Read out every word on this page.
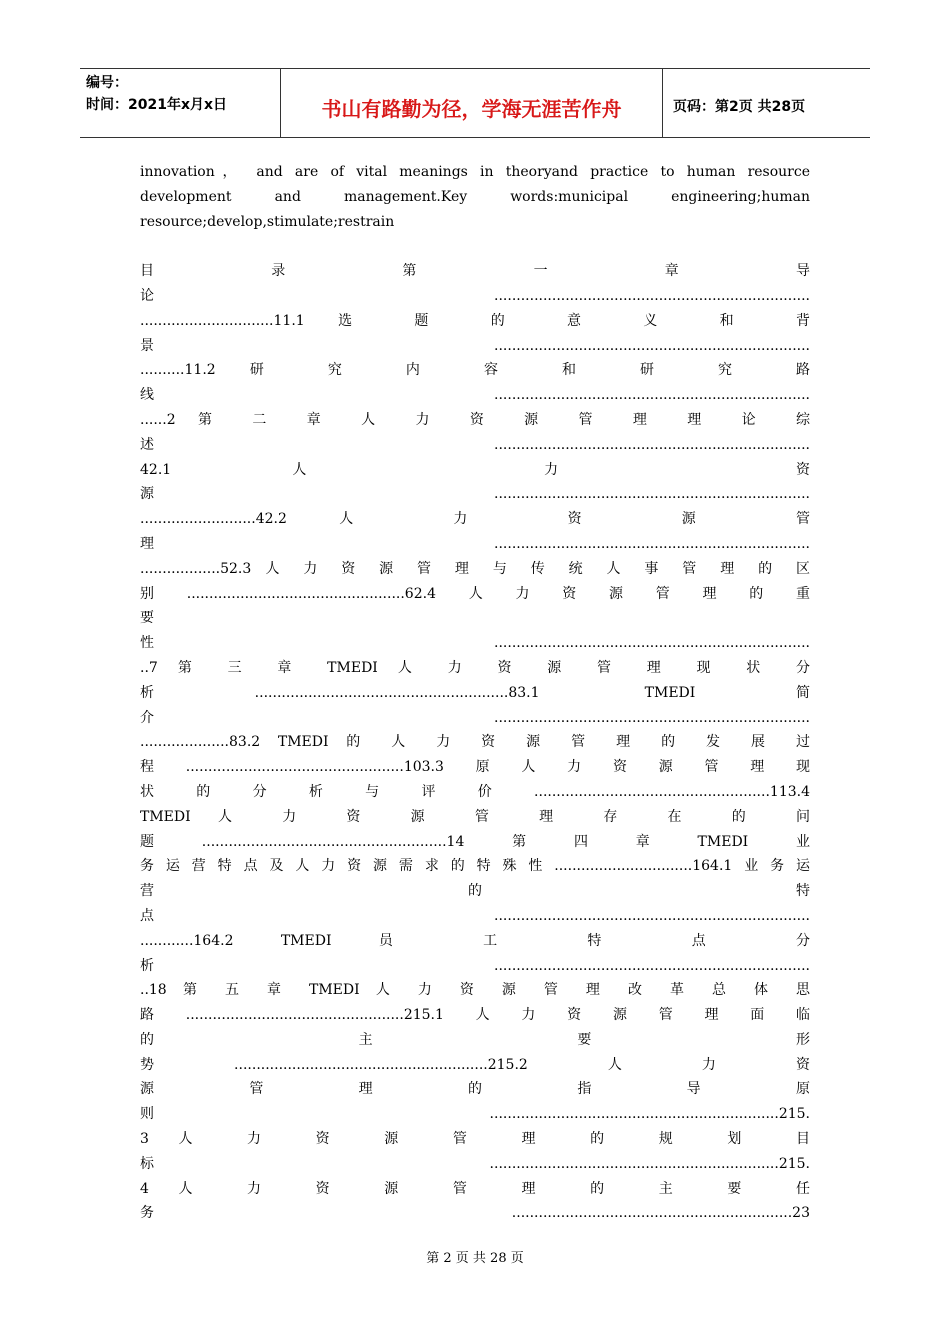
编号：
时间：2021年x月x日	书山有路勤为径，学海无涯苦作舟	页码：第2页 共28页
innovation， and are of vital meanings in theoryand practice to human resource
development and management.Key words:municipal engineering;human
resource;develop,stimulate;restrain
目 录 第 一 章 导
论.......................................................................
..............................11.1 选 题 的 意 义 和 背
景.......................................................................
..........11.2 研 究 内 容 和 研 究 路
线.......................................................................
......2 第 二 章 人 力 资 源 管 理 理 论 综
述.......................................................................
42.1 人 力 资
源.......................................................................
..........................42.2 人 力 资 源 管
理.......................................................................
..................52.3 人 力 资 源 管 理 与 传 统 人 事 管 理 的 区
别.................................................62.4人力资源管理的重
要
性.......................................................................
..7 第 三 章 TMEDI 人 力 资 源 管 理 现 状 分
析.........................................................83.1 TMEDI简
介.......................................................................
....................83.2 TMEDI 的 人 力 资 源 管 理 的 发 展 过
程.................................................103.3原人力资源管理现
状的分析与评价.....................................................113.4
TMEDI 人 力 资 源 管 理 存 在 的 问
题.......................................................14第四章TMEDI业
务运营特点及人力资源需求的特殊性...............................164.1业务运
营 的 特
点.......................................................................
............164.2 TMEDI 员 工 特 点 分
析.......................................................................
..18 第 五 章 TMEDI 人 力 资 源 管 理 改 革 总 体 思
路.................................................215.1人力资源管理面临
的 主 要 形
势.........................................................215.2人力资
源 管 理 的 指 导 原
则.................................................................215.
3 人 力 资 源 管 理 的 规 划 目
标.................................................................215.
4 人 力 资 源 管 理 的 主 要 任
务 ...............................................................23
第 2 页 共 28 页
